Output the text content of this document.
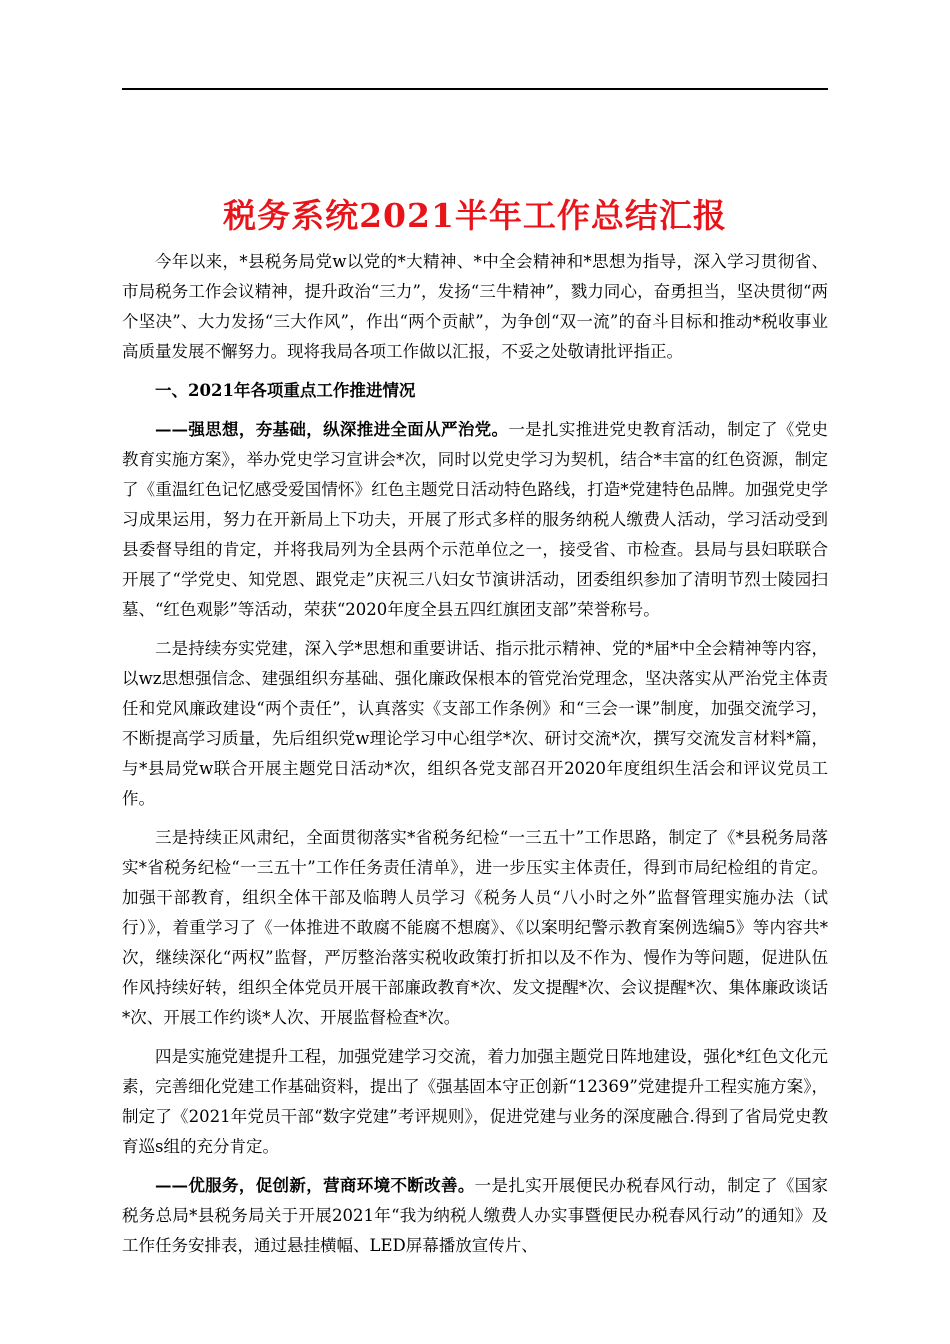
税务系统2021半年工作总结汇报

今年以来，*县税务局党w以党的*大精神、*中全会精神和*思想为指导，深入学习贯彻省、市局税务工作会议精神，提升政治“三力”，发扬“三牛精神”，戮力同心，奋勇担当，坚决贯彻“两个坚决”、大力发扬“三大作风”，作出“两个贡献”，为争创“双一流”的奋斗目标和推动*税收事业高质量发展不懈努力。现将我局各项工作做以汇报，不妥之处敬请批评指正。

一、2021年各项重点工作推进情况

——强思想，夯基础，纵深推进全面从严治党。一是扎实推进党史教育活动，制定了《党史教育实施方案》，举办党史学习宣讲会*次，同时以党史学习为契机，结合*丰富的红色资源，制定了《重温红色记忆感受爱国情怀》红色主题党日活动特色路线，打造*党建特色品牌。加强党史学习成果运用，努力在开新局上下功夫，开展了形式多样的服务纳税人缴费人活动，学习活动受到县委督导组的肯定，并将我局列为全县两个示范单位之一，接受省、市检查。县局与县妇联联合开展了“学党史、知党恩、跟党走”庆祝三八妇女节演讲活动，团委组织参加了清明节烈士陵园扫墓、“红色观影”等活动，荣获“2020年度全县五四红旗团支部”荣誉称号。

二是持续夯实党建，深入学*思想和重要讲话、指示批示精神、党的*届*中全会精神等内容，以wz思想强信念、建强组织夯基础、强化廉政保根本的管党治党理念，坚决落实从严治党主体责任和党风廉政建设“两个责任”，认真落实《支部工作条例》和“三会一课”制度，加强交流学习，不断提高学习质量，先后组织党w理论学习中心组学*次、研讨交流*次，撰写交流发言材料*篇，与*县局党w联合开展主题党日活动*次，组织各党支部召开2020年度组织生活会和评议党员工作。

三是持续正风肃纪，全面贯彻落实*省税务纪检“一三五十”工作思路，制定了《*县税务局落实*省税务纪检“一三五十”工作任务责任清单》，进一步压实主体责任，得到市局纪检组的肯定。加强干部教育，组织全体干部及临聘人员学习《税务人员“八小时之外”监督管理实施办法（试行）》，着重学习了《一体推进不敢腐不能腐不想腐》、《以案明纪警示教育案例选编5》等内容共*次，继续深化“两权”监督，严厉整治落实税收政策打折扣以及不作为、慢作为等问题，促进队伍作风持续好转，组织全体党员开展干部廉政教育*次、发文提醒*次、会议提醒*次、集体廉政谈话*次、开展工作约谈*人次、开展监督检查*次。

四是实施党建提升工程，加强党建学习交流，着力加强主题党日阵地建设，强化*红色文化元素，完善细化党建工作基础资料，提出了《强基固本守正创新“12369”党建提升工程实施方案》，制定了《2021年党员干部“数字党建”考评规则》，促进党建与业务的深度融合.得到了省局党史教育巡s组的充分肯定。

——优服务，促创新，营商环境不断改善。一是扎实开展便民办税春风行动，制定了《国家税务总局*县税务局关于开展2021年“我为纳税人缴费人办实事暨便民办税春风行动”的通知》及工作任务安排表，通过悬挂横幅、LED屏幕播放宣传片、
